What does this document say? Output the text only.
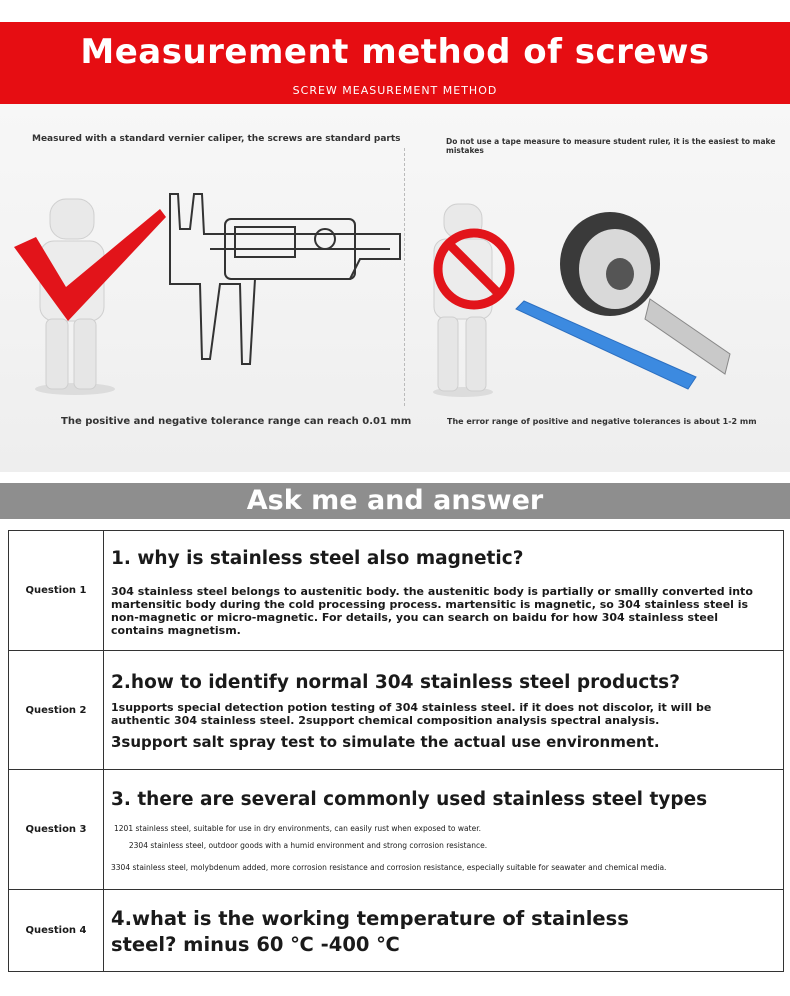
Measurement method of screws
SCREW MEASUREMENT METHOD
Measured with a standard vernier caliper, the screws are standard parts
The positive and negative tolerance range can reach 0.01 mm
Do not use a tape measure to measure student ruler, it is the easiest to make mistakes
The error range of positive and negative tolerances is about 1-2 mm
Ask me and answer
Question 1	1. why is stainless steel also magnetic?
304 stainless steel belongs to austenitic body. the austenitic body is partially or smallly converted into martensitic body during the cold processing process. martensitic is magnetic, so 304 stainless steel is non-magnetic or micro-magnetic. For details, you can search on baidu for how 304 stainless steel contains magnetism.

Question 2	2.how to identify normal 304 stainless steel products?
1supports special detection potion testing of 304 stainless steel. if it does not discolor, it will be authentic 304 stainless steel. 2support chemical composition analysis spectral analysis.
3support salt spray test to simulate the actual use environment.

Question 3	3. there are several commonly used stainless steel types
1201 stainless steel, suitable for use in dry environments, can easily rust when exposed to water.
2304 stainless steel, outdoor goods with a humid environment and strong corrosion resistance.
3304 stainless steel, molybdenum added, more corrosion resistance and corrosion resistance, especially suitable for seawater and chemical media.

Question 4	4.what is the working temperature of stainless steel? minus 60 ℃ -400 ℃
